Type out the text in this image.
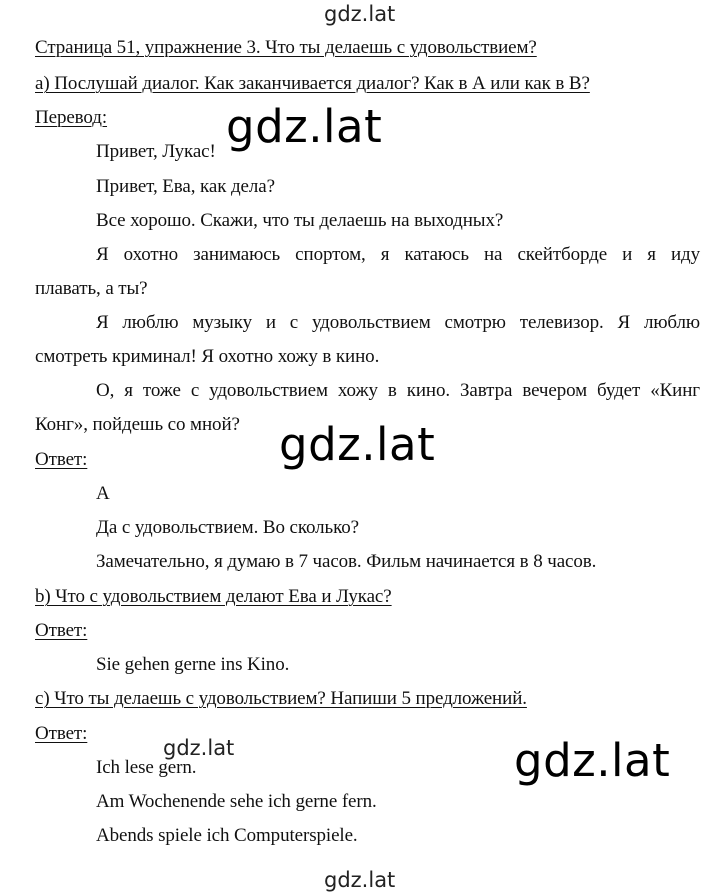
gdz.lat
gdz.lat
gdz.lat
gdz.lat	gdz.lat
gdz.lat
Страница 51, упражнение 3. Что ты делаешь с удовольствием?
a) Послушай диалог. Как заканчивается диалог? Как в А или как в B?
Перевод:
Привет, Лукас!
Привет, Ева, как дела?
Все хорошо. Скажи, что ты делаешь на выходных?
Я охотно занимаюсь спортом, я катаюсь на скейтборде и я иду
плавать, а ты?
Я люблю музыку и с удовольствием смотрю телевизор. Я люблю
смотреть криминал! Я охотно хожу в кино.
О, я тоже с удовольствием хожу в кино. Завтра вечером будет «Кинг
Конг», пойдешь со мной?
Ответ:
A
Да с удовольствием. Во сколько?
Замечательно, я думаю в 7 часов. Фильм начинается в 8 часов.
b) Что с удовольствием делают Ева и Лукас?
Ответ:
Sie gehen gerne ins Kino.
c) Что ты делаешь с удовольствием? Напиши 5 предложений.
Ответ:
Ich lese gern.
Am Wochenende sehe ich gerne fern.
Abends spiele ich Computerspiele.
